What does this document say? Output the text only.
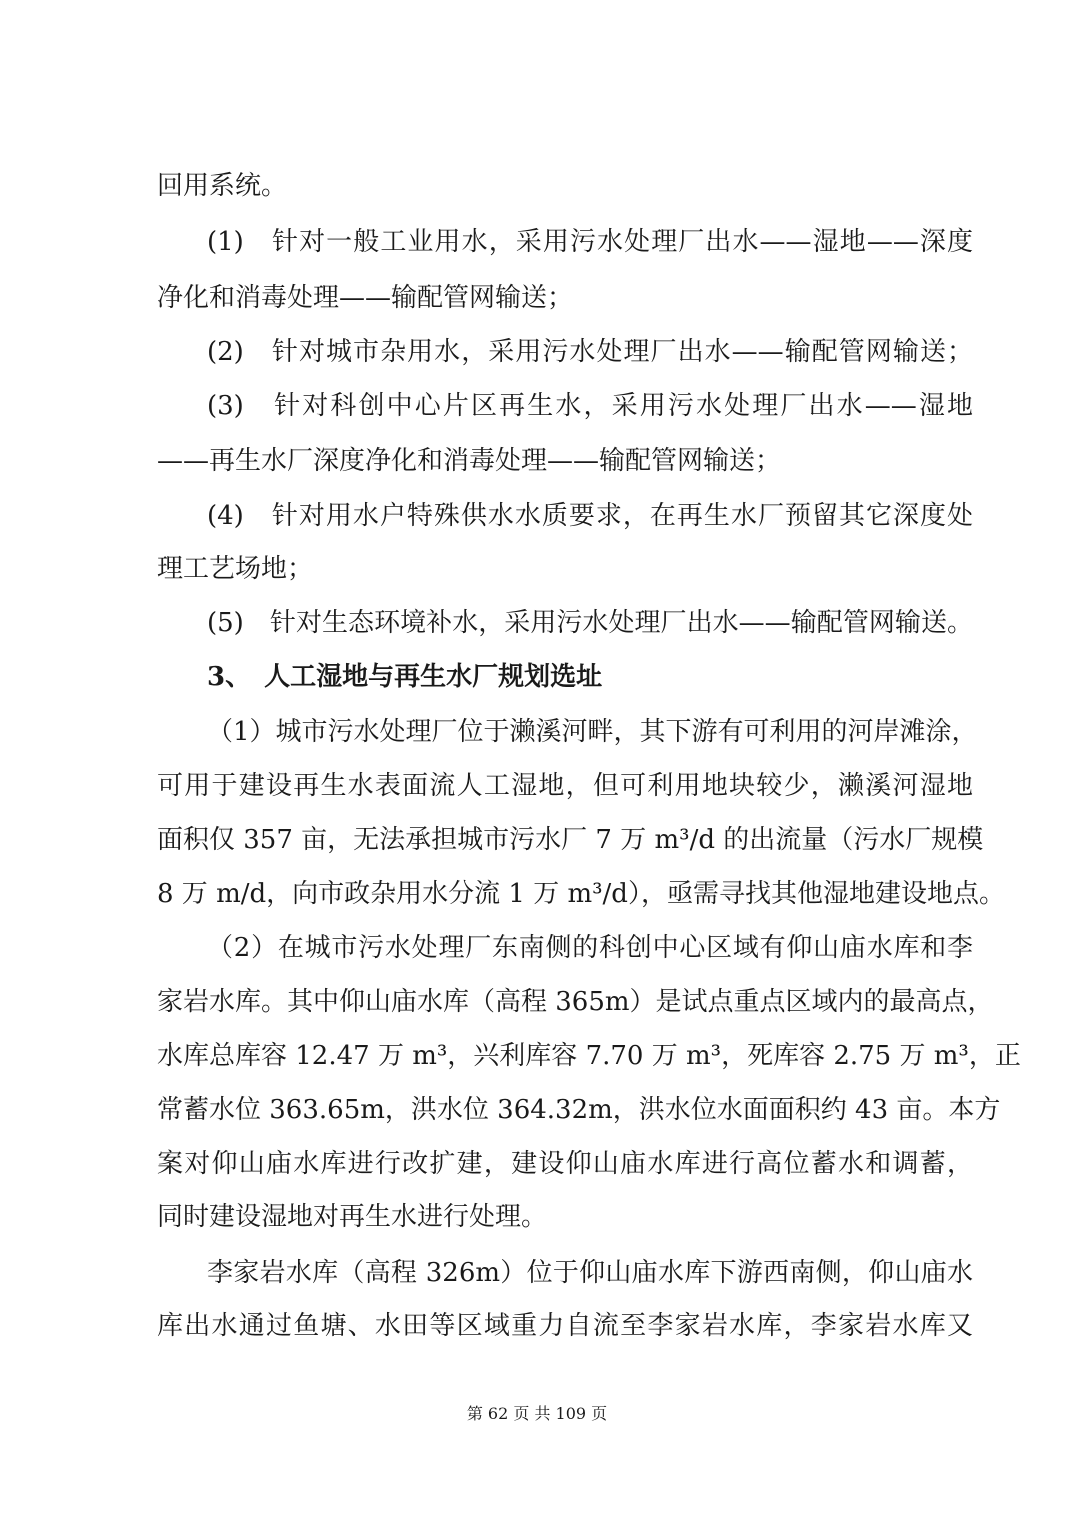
回用系统。
(1)　针对一般工业用水，采用污水处理厂出水——湿地——深度
净化和消毒处理——输配管网输送；
(2)　针对城市杂用水，采用污水处理厂出水——输配管网输送；
(3)　针对科创中心片区再生水，采用污水处理厂出水——湿地
——再生水厂深度净化和消毒处理——输配管网输送；
(4)　针对用水户特殊供水水质要求，在再生水厂预留其它深度处
理工艺场地；
(5)　针对生态环境补水，采用污水处理厂出水——输配管网输送。
3、　人工湿地与再生水厂规划选址
（1）城市污水处理厂位于濑溪河畔，其下游有可利用的河岸滩涂，
可用于建设再生水表面流人工湿地，但可利用地块较少，濑溪河湿地
面积仅 357 亩，无法承担城市污水厂 7 万 m³/d 的出流量（污水厂规模
8 万 m/d，向市政杂用水分流 1 万 m³/d），亟需寻找其他湿地建设地点。
（2）在城市污水处理厂东南侧的科创中心区域有仰山庙水库和李
家岩水库。其中仰山庙水库（高程 365m）是试点重点区域内的最高点，
水库总库容 12.47 万 m³，兴利库容 7.70 万 m³，死库容 2.75 万 m³，正
常蓄水位 363.65m，洪水位 364.32m，洪水位水面面积约 43 亩。本方
案对仰山庙水库进行改扩建，建设仰山庙水库进行高位蓄水和调蓄，
同时建设湿地对再生水进行处理。
李家岩水库（高程 326m）位于仰山庙水库下游西南侧，仰山庙水
库出水通过鱼塘、水田等区域重力自流至李家岩水库，李家岩水库又
第 62 页 共 109 页
